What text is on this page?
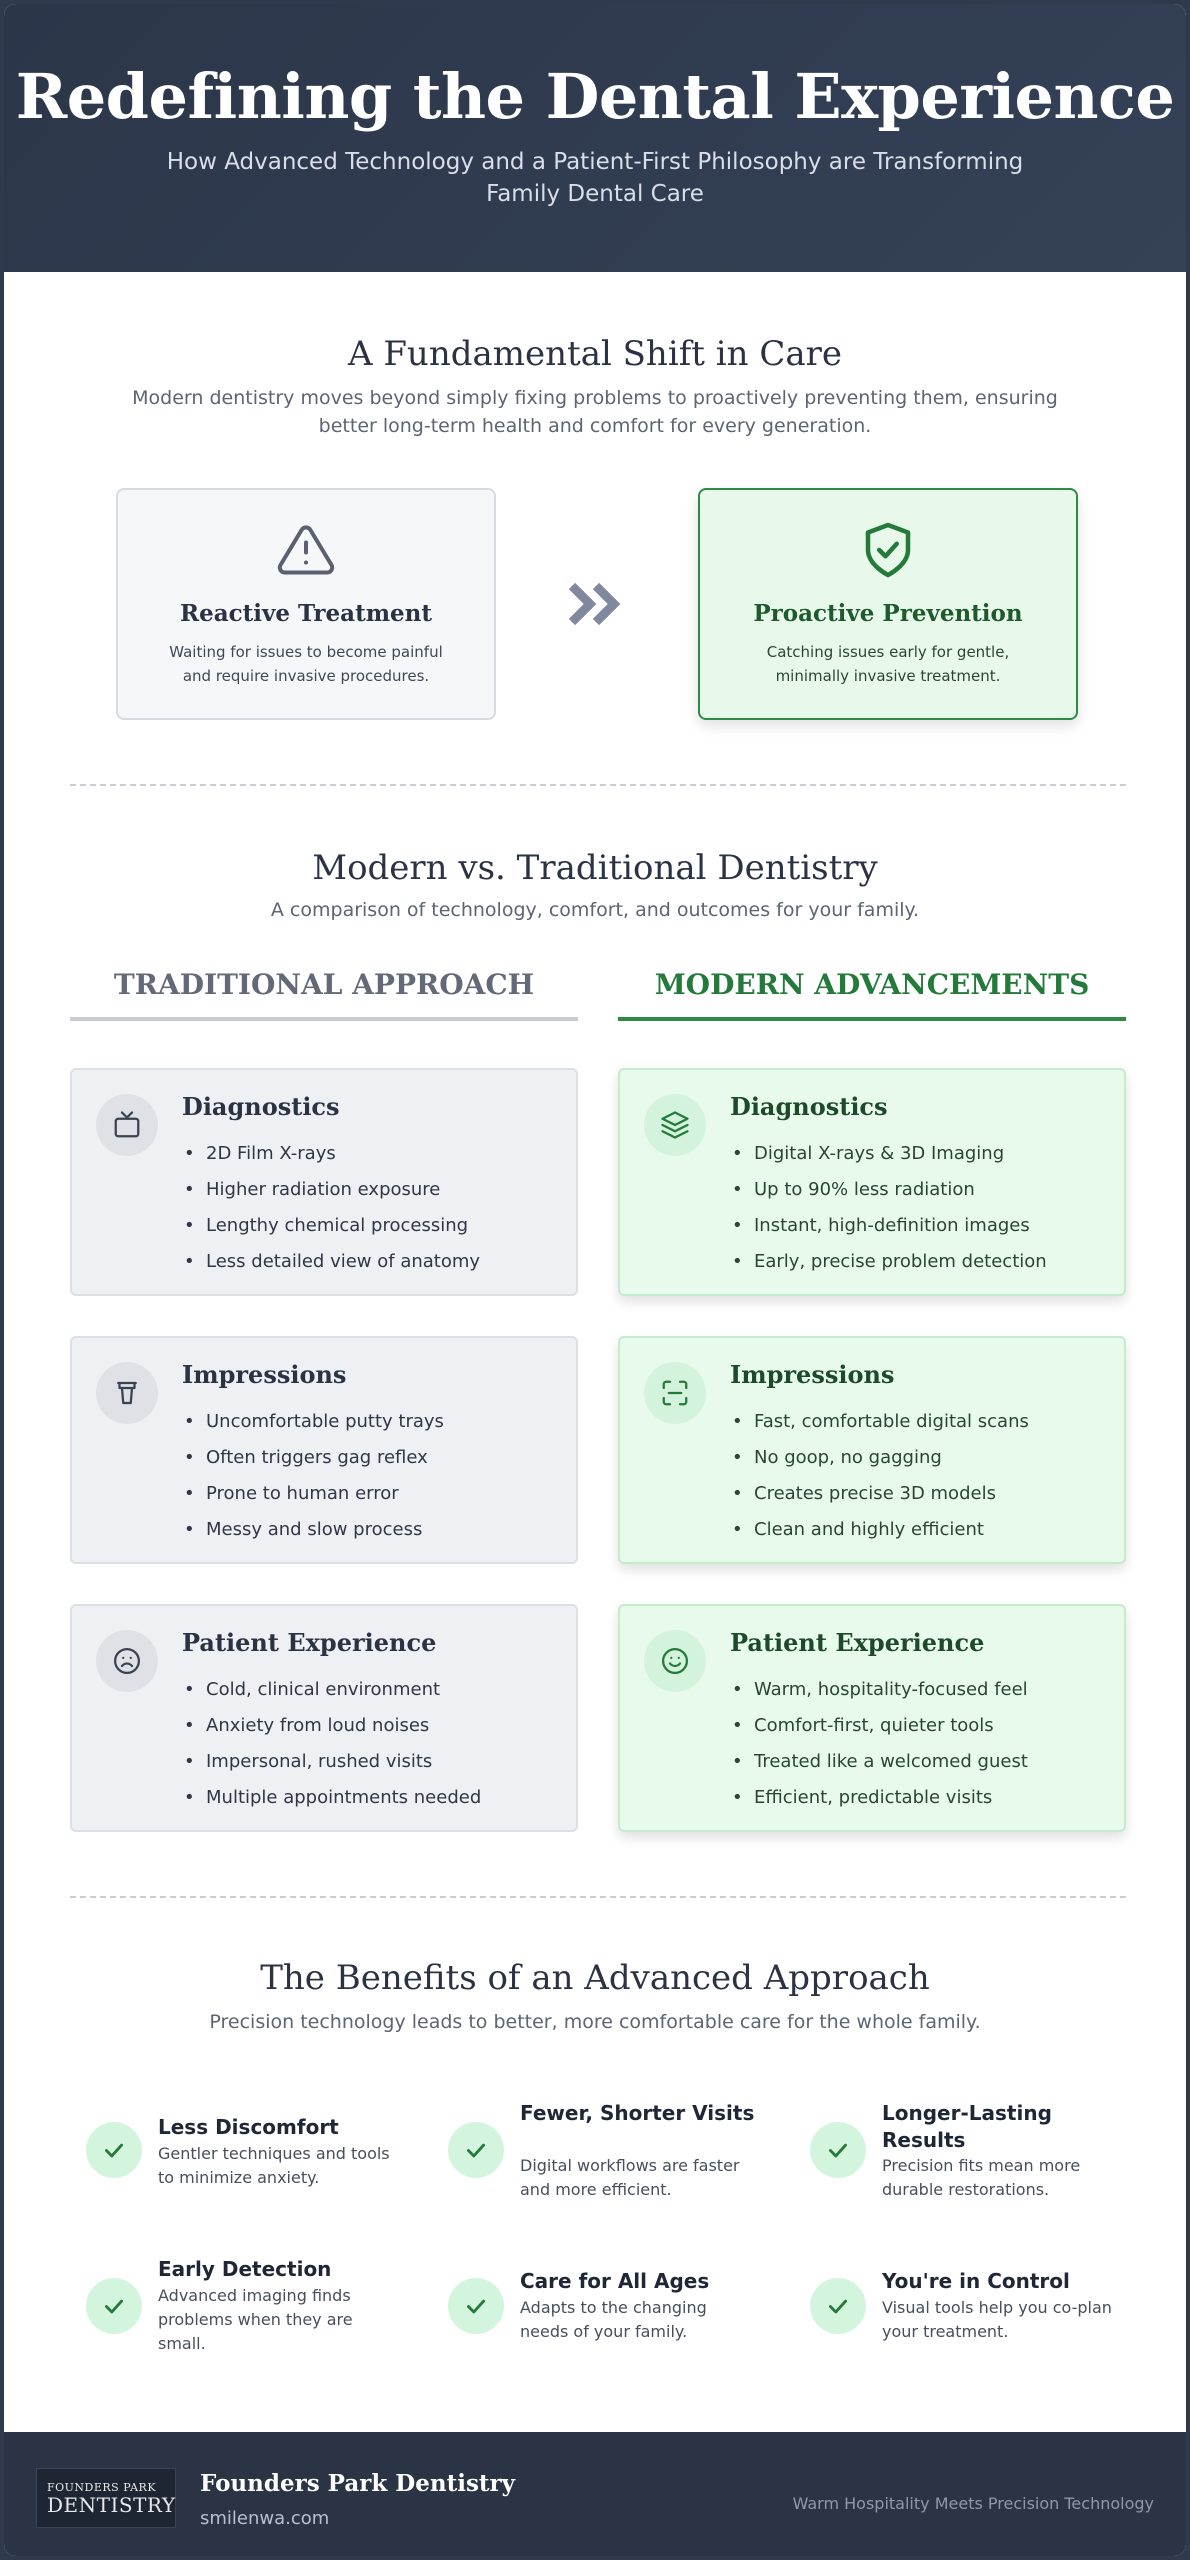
Redefining the Dental Experience
How Advanced Technology and a Patient-First Philosophy are Transforming Family Dental Care
A Fundamental Shift in Care
Modern dentistry moves beyond simply fixing problems to proactively preventing them, ensuring better long-term health and comfort for every generation.
Reactive Treatment
Waiting for issues to become painful and require invasive procedures.
Proactive Prevention
Catching issues early for gentle, minimally invasive treatment.
Modern vs. Traditional Dentistry
A comparison of technology, comfort, and outcomes for your family.
TRADITIONAL APPROACH	MODERN ADVANCEMENTS
Diagnostics
• 2D Film X-rays
• Higher radiation exposure
• Lengthy chemical processing
• Less detailed view of anatomy
Diagnostics
• Digital X-rays & 3D Imaging
• Up to 90% less radiation
• Instant, high-definition images
• Early, precise problem detection
Impressions
• Uncomfortable putty trays
• Often triggers gag reflex
• Prone to human error
• Messy and slow process
Impressions
• Fast, comfortable digital scans
• No goop, no gagging
• Creates precise 3D models
• Clean and highly efficient
Patient Experience
• Cold, clinical environment
• Anxiety from loud noises
• Impersonal, rushed visits
• Multiple appointments needed
Patient Experience
• Warm, hospitality-focused feel
• Comfort-first, quieter tools
• Treated like a welcomed guest
• Efficient, predictable visits
The Benefits of an Advanced Approach
Precision technology leads to better, more comfortable care for the whole family.
Less Discomfort
Gentler techniques and tools to minimize anxiety.
Fewer, Shorter Visits
Digital workflows are faster and more efficient.
Longer-Lasting Results
Precision fits mean more durable restorations.
Early Detection
Advanced imaging finds problems when they are small.
Care for All Ages
Adapts to the changing needs of your family.
You're in Control
Visual tools help you co-plan your treatment.
FOUNDERS PARK
DENTISTRY
Founders Park Dentistry
smilenwa.com
Warm Hospitality Meets Precision Technology
